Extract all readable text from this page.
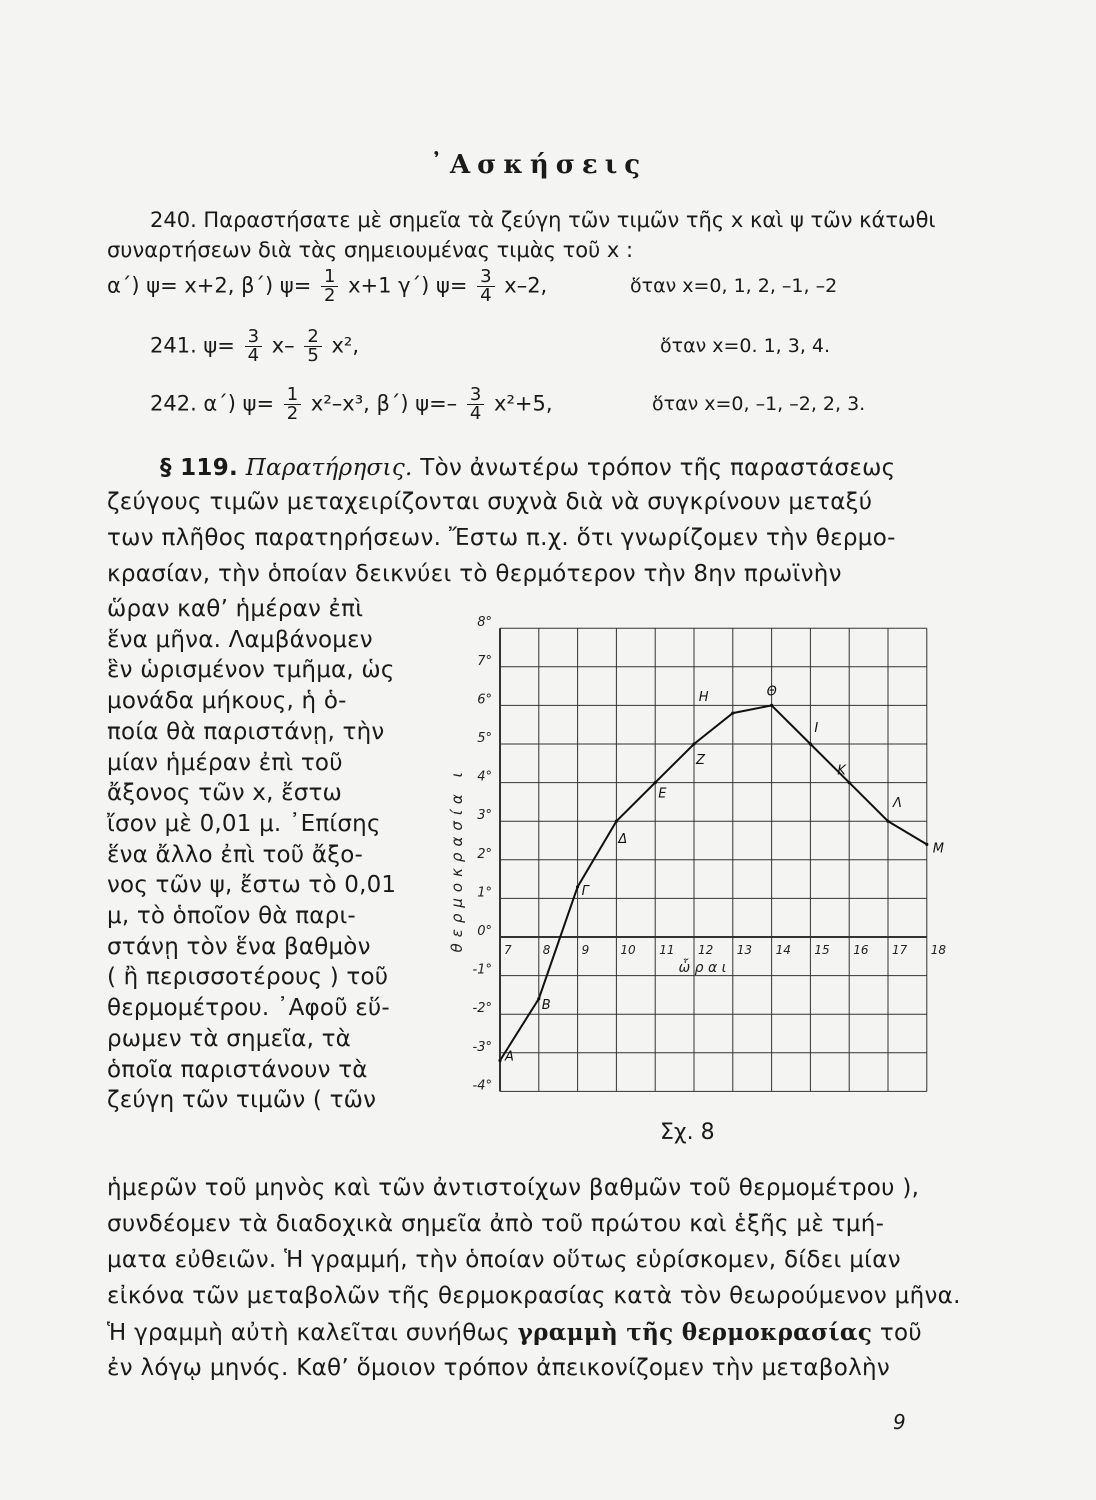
᾿Ασκήσεις
240. Παραστήσατε μὲ σημεῖα τὰ ζεύγη τῶν τιμῶν τῆς x καὶ ψ τῶν κάτωθι
συναρτήσεων διὰ τὰς σημειουμένας τιμὰς τοῦ x :
α΄) ψ= x+2, β΄) $\psi= \frac{1}{2} x+1$ γ΄) $\psi= \frac{3}{4} x-2$,	ὅταν x=0, 1, 2, –1, –2
241. $\psi= \frac{3}{4} x- \frac{2}{5} x^2$,	ὅταν x=0. 1, 3, 4.
242. α΄) $\psi= \frac{1}{2} x^2-x^3$, β΄) $\psi=- \frac{3}{4} x^2+5$,	ὅταν x=0, –1, –2, 2, 3.
§ 119. Παρατήρησις. Τὸν ἀνωτέρω τρόπον τῆς παραστάσεως
ζεύγους τιμῶν μεταχειρίζονται συχνὰ διὰ νὰ συγκρίνουν μεταξύ
των πλῆθος παρατηρήσεων. Ἔστω π.χ. ὅτι γνωρίζομεν τὴν θερμο-
κρασίαν, τὴν ὁποίαν δεικνύει τὸ θερμότερον τὴν 8ην πρωϊνὴν
ὥραν καθ’ ἡμέραν ἐπὶ
ἕνα μῆνα. Λαμβάνομεν
ἓν ὡρισμένον τμῆμα, ὡς
μονάδα μήκους, ἡ ὁ-
ποία θὰ παριστάνῃ, τὴν
μίαν ἡμέραν ἐπὶ τοῦ
ἄξονος τῶν x, ἔστω
ἴσον μὲ 0,01 μ. ᾿Επίσης
ἕνα ἄλλο ἐπὶ τοῦ ἄξο-
νος τῶν ψ, ἔστω τὸ 0,01
μ, τὸ ὁποῖον θὰ παρι-
στάνῃ τὸν ἕνα βαθμὸν
( ἢ περισσοτέρους ) τοῦ
θερμομέτρου. ᾿Αφοῦ εὕ-
ρωμεν τὰ σημεῖα, τὰ
ὁποῖα παριστάνουν τὰ
ζεύγη τῶν τιμῶν ( τῶν
8°
7°
6°
5°
4°
3°
2°
1°
0°
-1°
-2°
-3°
-4°
7	8	9	10 11 12 13 14 15 16 17 18
ὧ ρ α ι
θερμοκρασία ι
A
B
Γ
Δ
E
Z
H	Θ
I
K
Λ
M
Σχ. 8
ἡμερῶν τοῦ μηνὸς καὶ τῶν ἀντιστοίχων βαθμῶν τοῦ θερμομέτρου ),
συνδέομεν τὰ διαδοχικὰ σημεῖα ἀπὸ τοῦ πρώτου καὶ ἑξῆς μὲ τμή-
ματα εὐθειῶν. Ἡ γραμμή, τὴν ὁποίαν οὕτως εὑρίσκομεν, δίδει μίαν
εἰκόνα τῶν μεταβολῶν τῆς θερμοκρασίας κατὰ τὸν θεωρούμενον μῆνα.
Ἡ γραμμὴ αὐτὴ καλεῖται συνήθως γραμμὴ τῆς θερμοκρασίας τοῦ
ἐν λόγῳ μηνός. Καθ’ ὅμοιον τρόπον ἀπεικονίζομεν τὴν μεταβολὴν
9
